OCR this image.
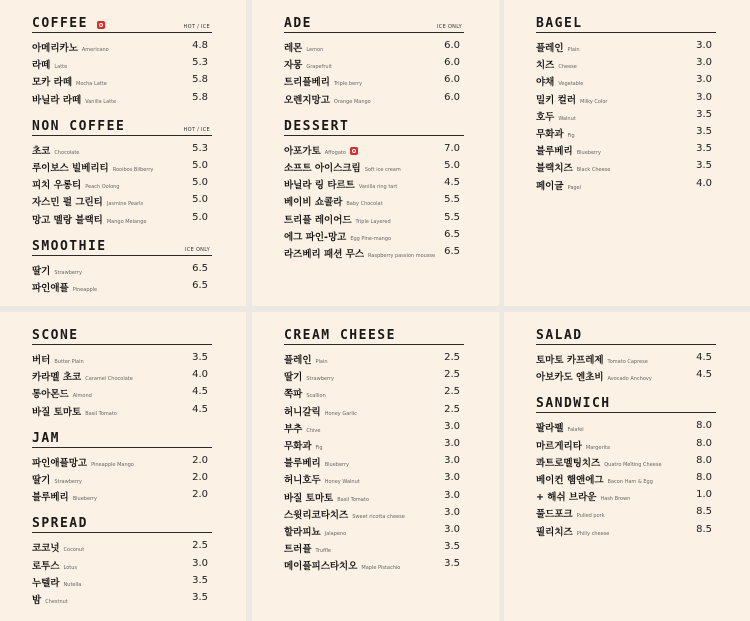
COFFEE	HOT / ICE
아메리카노 Americano	4.8
라떼 Latte	5.3
모카 라떼 Mocha Latte	5.8
바닐라 라떼 Vanilla Latte	5.8
NON COFFEE	HOT / ICE
초코 Chocolate	5.3
루이보스 빌베리티 Rooibos Bilberry	5.0
피치 우롱티 Peach Oolong	5.0
자스민 펄 그린티 Jasmine Pearls	5.0
망고 멜랑 블랙티 Mango Melange	5.0
SMOOTHIE	ICE ONLY
딸기 Strawberry	6.5
파인애플 Pineapple	6.5
ADE	ICE ONLY
레몬 Lemon	6.0
자몽 Grapefruit	6.0
트리플베리 Triple berry	6.0
오렌지망고 Orange Mango	6.0
DESSERT
아포가토 Affogato	7.0
소프트 아이스크림 Soft ice cream	5.0
바닐라 링 타르트 Vanilla ring tart	4.5
베이비 쇼콜라 Baby Chocolat	5.5
트리플 레이어드 Triple Layered	5.5
에그 파인-망고 Egg Pine-mango	6.5
라즈베리 패션 무스 Raspberry passion mousse 6.5
BAGEL
플레인 Plain	3.0
치즈 Cheese	3.0
야채 Vegetable	3.0
밀키 컬러 Milky Color	3.0
호두 Walnut	3.5
무화과 Fig	3.5
블루베리 Blueberry	3.5
블랙치즈 Black Cheese	3.5
페이글 Pagel	4.0
SCONE
버터 Butter Plain	3.5
카라멜 초코 Caramel Chocolate	4.0
통아몬드 Almond	4.5
바질 토마토 Basil Tomato	4.5
JAM
파인애플망고 Pineapple Mango	2.0
딸기 Strawberry	2.0
블루베리 Blueberry	2.0
SPREAD
코코넛 Coconut	2.5
로투스 Lotus	3.0
누텔라 Nutella	3.5
밤 Chestnut	3.5
CREAM CHEESE
플레인 Plain	2.5
딸기 Strawberry	2.5
쪽파 Scallion	2.5
허니갈릭 Honey Garlic	2.5
부추 Chive	3.0
무화과 Fig	3.0
블루베리 Blueberry	3.0
허니호두 Honey Walnut	3.0
바질 토마토 Basil Tomato	3.0
스윗리코타치즈 Sweet ricotta cheese	3.0
할라피뇨 Jalapeno	3.0
트러플 Truffle	3.5
메이플피스타치오 Maple Pistachio	3.5
SALAD
토마토 카프레제 Tomato Caprese	4.5
아보카도 엔초비 Avocado Anchovy	4.5
SANDWICH
팔라펠 Falafel	8.0
마르게리타 Margerita	8.0
콰트로멜팅치즈 Quatro Melting Cheese	8.0
베이컨 햄앤에그 Bacon Ham & Egg	8.0
+ 해쉬 브라운 Hash Brown	1.0
풀드포크 Pulled pork	8.5
필리치즈 Philly cheese	8.5
